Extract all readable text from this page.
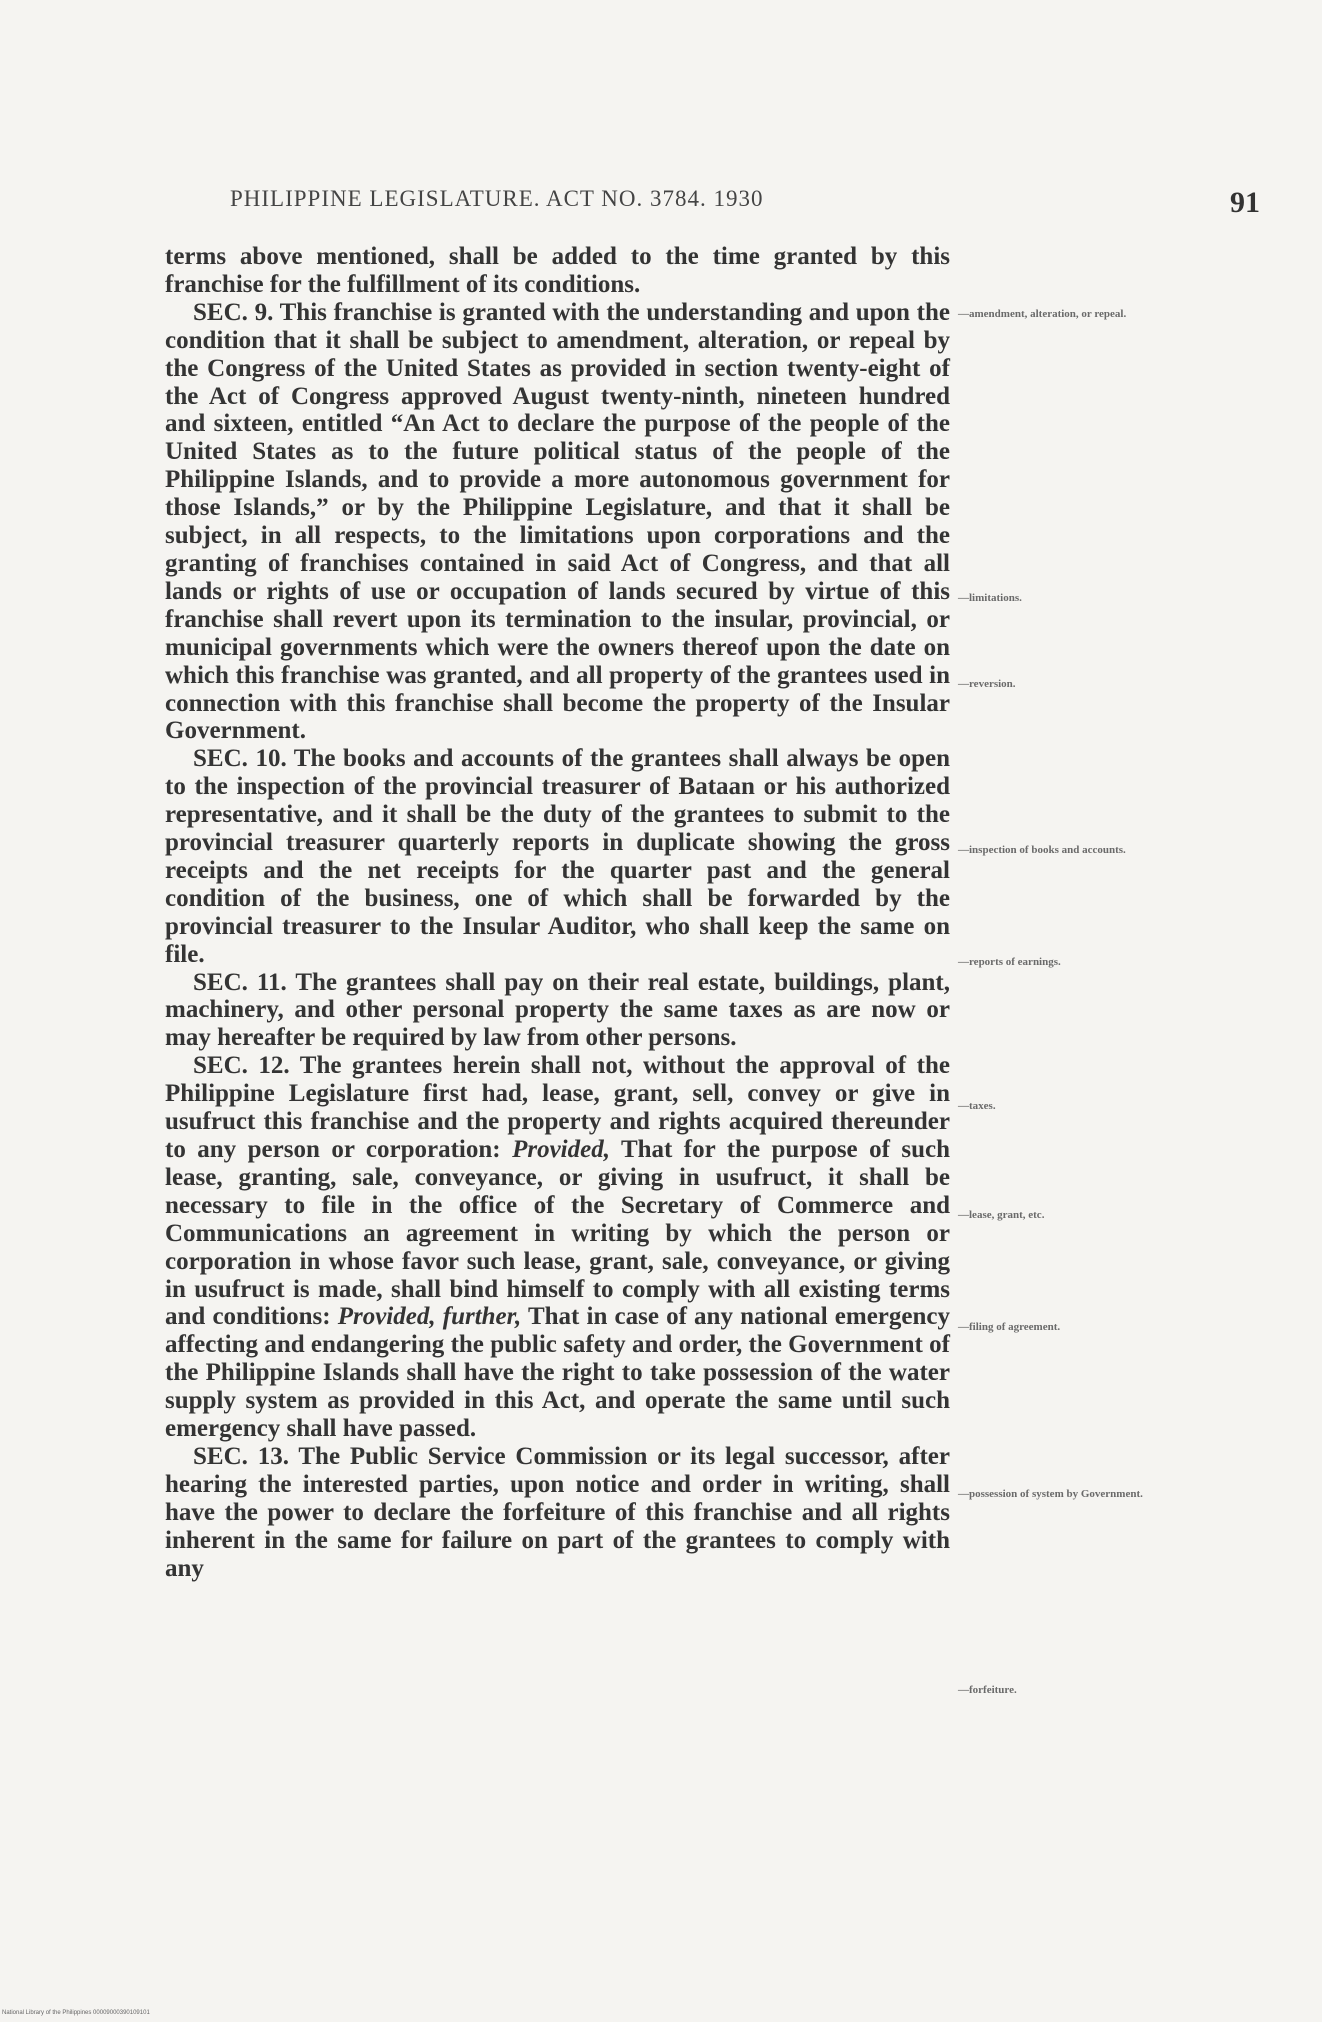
PHILIPPINE LEGISLATURE. ACT NO. 3784. 1930	91

terms above mentioned, shall be added to the time granted by this franchise for the fulfillment of its conditions.

SEC. 9. This franchise is granted with the understanding and upon the condition that it shall be subject to amendment, alteration, or repeal by the Congress of the United States as provided in section twenty-eight of the Act of Congress approved August twenty-ninth, nineteen hundred and sixteen, entitled “An Act to declare the purpose of the people of the United States as to the future political status of the people of the Philippine Islands, and to provide a more autonomous government for those Islands,” or by the Philippine Legislature, and that it shall be subject, in all respects, to the limitations upon corporations and the granting of franchises contained in said Act of Congress, and that all lands or rights of use or occupation of lands secured by virtue of this franchise shall revert upon its termination to the insular, provincial, or municipal governments which were the owners thereof upon the date on which this franchise was granted, and all property of the grantees used in connection with this franchise shall become the property of the Insular Government.

SEC. 10. The books and accounts of the grantees shall always be open to the inspection of the provincial treasurer of Bataan or his authorized representative, and it shall be the duty of the grantees to submit to the provincial treasurer quarterly reports in duplicate showing the gross receipts and the net receipts for the quarter past and the general condition of the business, one of which shall be forwarded by the provincial treasurer to the Insular Auditor, who shall keep the same on file.

SEC. 11. The grantees shall pay on their real estate, buildings, plant, machinery, and other personal property the same taxes as are now or may hereafter be required by law from other persons.

SEC. 12. The grantees herein shall not, without the approval of the Philippine Legislature first had, lease, grant, sell, convey or give in usufruct this franchise and the property and rights acquired thereunder to any person or corporation: Provided, That for the purpose of such lease, granting, sale, conveyance, or giving in usufruct, it shall be necessary to file in the office of the Secretary of Commerce and Communications an agreement in writing by which the person or corporation in whose favor such lease, grant, sale, conveyance, or giving in usufruct is made, shall bind himself to comply with all existing terms and conditions: Provided, further, That in case of any national emergency affecting and endangering the public safety and order, the Government of the Philippine Islands shall have the right to take possession of the water supply system as provided in this Act, and operate the same until such emergency shall have passed.

SEC. 13. The Public Service Commission or its legal successor, after hearing the interested parties, upon notice and order in writing, shall have the power to declare the forfeiture of this franchise and all rights inherent in the same for failure on part of the grantees to comply with any

—amendment, alteration, or repeal.
—limitations.
—reversion.
—inspection of books and accounts.
—reports of earnings.
—taxes.
—lease, grant, etc.
—filing of agreement.
—possession of system by Government.
—forfeiture.
National Library of the Philippines 00009000390109101
